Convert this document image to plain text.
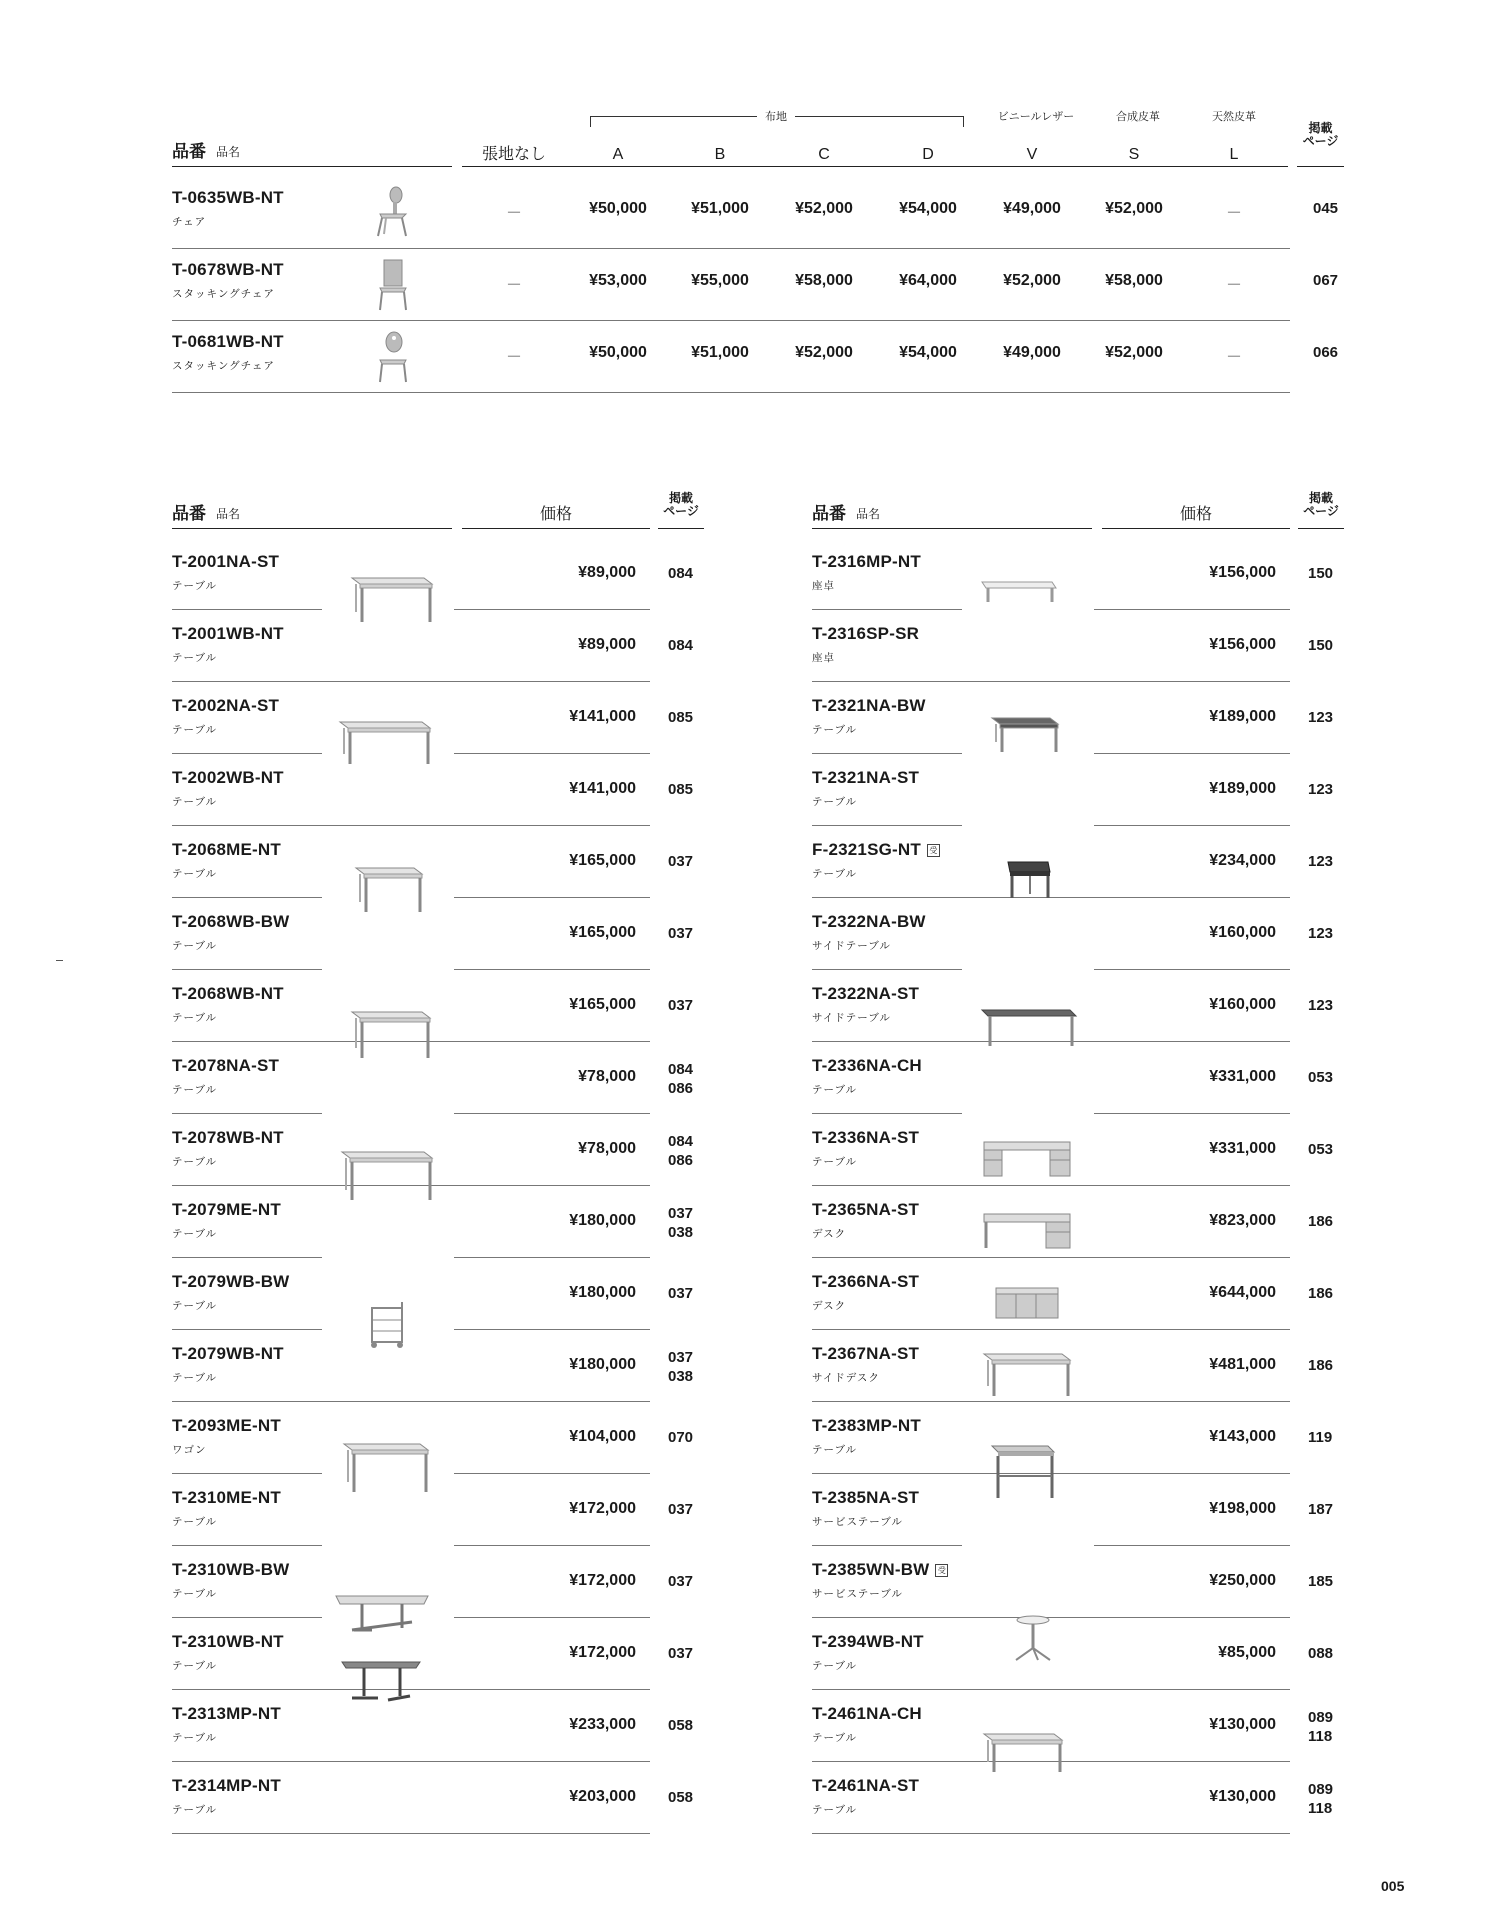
布地	ビニールレザー	合成皮革	天然皮革
品番 品名	張地なし	A	B	C	D	V	S	L
掲載
ページ
T-0635WB-NT
チェア	－	¥50,000	¥51,000	¥52,000	¥54,000	¥49,000	¥52,000	－	045
T-0678WB-NT
スタッキングチェア	－	¥53,000	¥55,000	¥58,000	¥64,000	¥52,000	¥58,000	－	067
T-0681WB-NT
スタッキングチェア	－	¥50,000	¥51,000	¥52,000	¥54,000	¥49,000	¥52,000	－	066
品番 品名	価格
掲載
ページ
T-2001NA-ST
テーブル
¥89,000 084
T-2001WB-NT
テーブル
¥89,000 084
T-2002NA-ST
テーブル
¥141,000 085
T-2002WB-NT
テーブル
¥141,000 085
T-2068ME-NT
テーブル
¥165,000 037
T-2068WB-BW
テーブル
¥165,000 037
T-2068WB-NT
テーブル
¥165,000 037
T-2078NA-ST
テーブル
¥78,000 084
086
T-2078WB-NT
テーブル
¥78,000 084
086
T-2079ME-NT
テーブル
¥180,000 037
038
T-2079WB-BW
テーブル
¥180,000 037
T-2079WB-NT
テーブル
¥180,000 037
038
T-2093ME-NT
ワゴン
¥104,000 070
T-2310ME-NT
テーブル
¥172,000 037
T-2310WB-BW
テーブル
¥172,000 037
T-2310WB-NT
テーブル
¥172,000 037
T-2313MP-NT
テーブル
¥233,000 058
T-2314MP-NT
テーブル
¥203,000 058
品番 品名	価格
掲載
ページ
T-2316MP-NT
座卓
¥156,000 150
T-2316SP-SR
座卓
¥156,000 150
T-2321NA-BW
テーブル
¥189,000 123
T-2321NA-ST
テーブル
¥189,000 123
F-2321SG-NT 受
テーブル
¥234,000 123
T-2322NA-BW
サイドテーブル
¥160,000 123
T-2322NA-ST
サイドテーブル
¥160,000 123
T-2336NA-CH
テーブル
¥331,000 053
T-2336NA-ST
テーブル
¥331,000 053
T-2365NA-ST
デスク
¥823,000 186
T-2366NA-ST
デスク
¥644,000 186
T-2367NA-ST
サイドデスク
¥481,000 186
T-2383MP-NT
テーブル
¥143,000 119
T-2385NA-ST
サービステーブル
¥198,000 187
T-2385WN-BW 受
サービステーブル
¥250,000 185
T-2394WB-NT
テーブル
¥85,000 088
T-2461NA-CH
テーブル
¥130,000 089
118
T-2461NA-ST
テーブル
¥130,000 089
118
005
